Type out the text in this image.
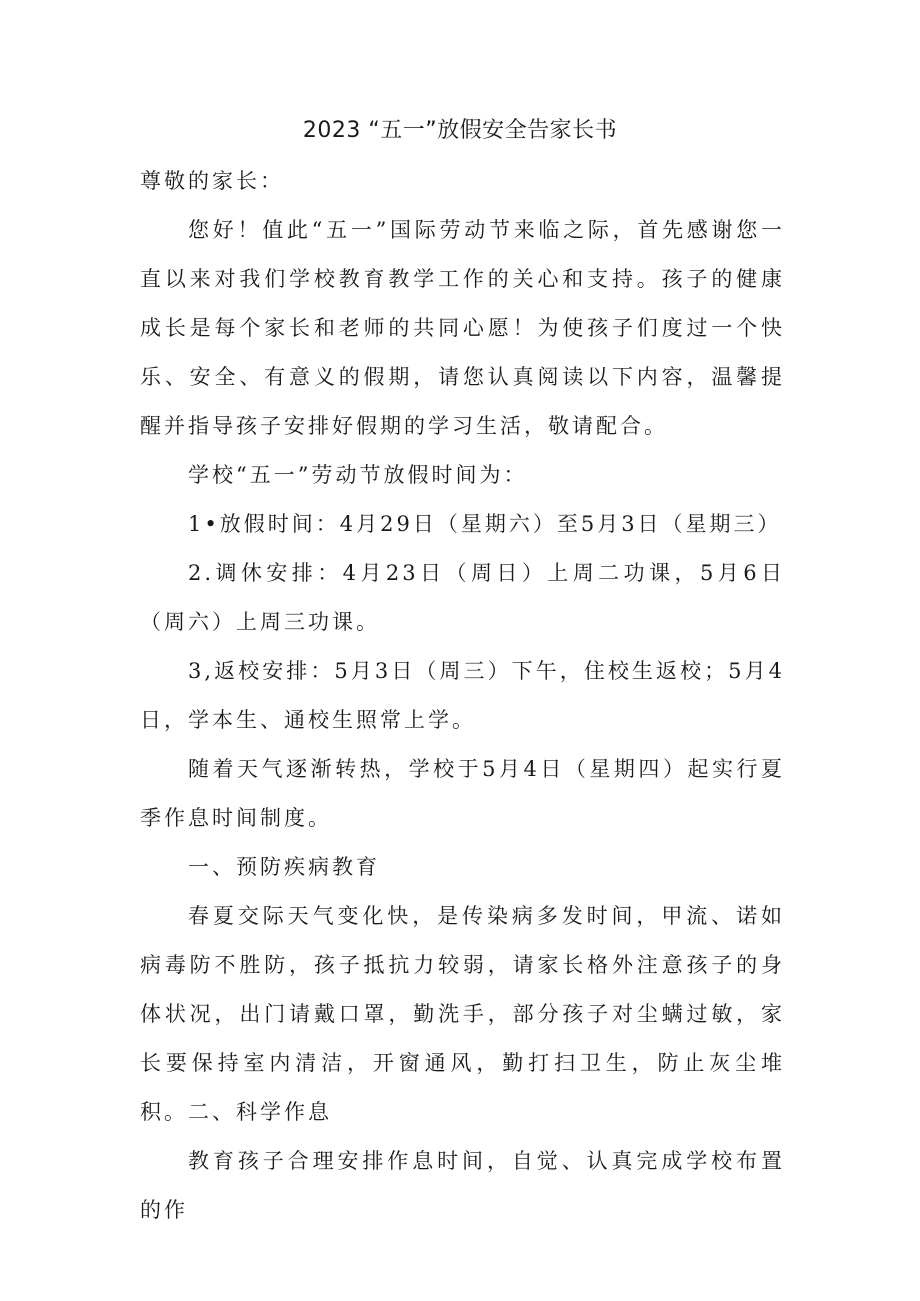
2023 “五一”放假安全告家长书

尊敬的家长：

您好！值此“五一”国际劳动节来临之际，首先感谢您一直以来对我们学校教育教学工作的关心和支持。孩子的健康成长是每个家长和老师的共同心愿！为使孩子们度过一个快乐、安全、有意义的假期，请您认真阅读以下内容，温馨提醒并指导孩子安排好假期的学习生活，敬请配合。

学校“五一”劳动节放假时间为：

1•放假时间：4月29日（星期六）至5月3日（星期三）

2.调休安排：4月23日（周日）上周二功课，5月6日（周六）上周三功课。

3,返校安排：5月3日（周三）下午，住校生返校；5月4日，学本生、通校生照常上学。

随着天气逐渐转热，学校于5月4日（星期四）起实行夏季作息时间制度。

一、预防疾病教育

春夏交际天气变化快，是传染病多发时间，甲流、诺如病毒防不胜防，孩子抵抗力较弱，请家长格外注意孩子的身体状况，出门请戴口罩，勤洗手，部分孩子对尘螨过敏，家长要保持室内清洁，开窗通风，勤打扫卫生，防止灰尘堆积。 二、科学作息

教育孩子合理安排作息时间，自觉、认真完成学校布置的作
